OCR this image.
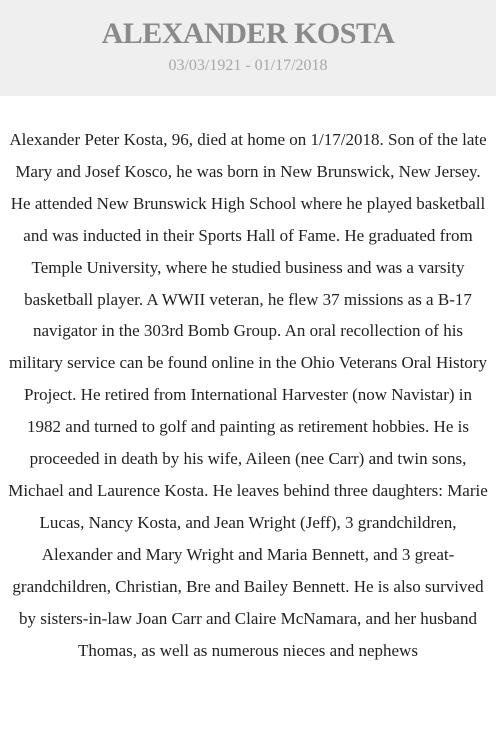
ALEXANDER KOSTA
03/03/1921 - 01/17/2018
Alexander Peter Kosta, 96, died at home on 1/17/2018. Son of the late Mary and Josef Kosco, he was born in New Brunswick, New Jersey. He attended New Brunswick High School where he played basketball and was inducted in their Sports Hall of Fame. He graduated from Temple University, where he studied business and was a varsity basketball player. A WWII veteran, he flew 37 missions as a B-17 navigator in the 303rd Bomb Group. An oral recollection of his military service can be found online in the Ohio Veterans Oral History Project. He retired from International Harvester (now Navistar) in 1982 and turned to golf and painting as retirement hobbies. He is proceeded in death by his wife, Aileen (nee Carr) and twin sons, Michael and Laurence Kosta. He leaves behind three daughters: Marie Lucas, Nancy Kosta, and Jean Wright (Jeff), 3 grandchildren, Alexander and Mary Wright and Maria Bennett, and 3 great-grandchildren, Christian, Bre and Bailey Bennett. He is also survived by sisters-in-law Joan Carr and Claire McNamara, and her husband Thomas, as well as numerous nieces and nephews
